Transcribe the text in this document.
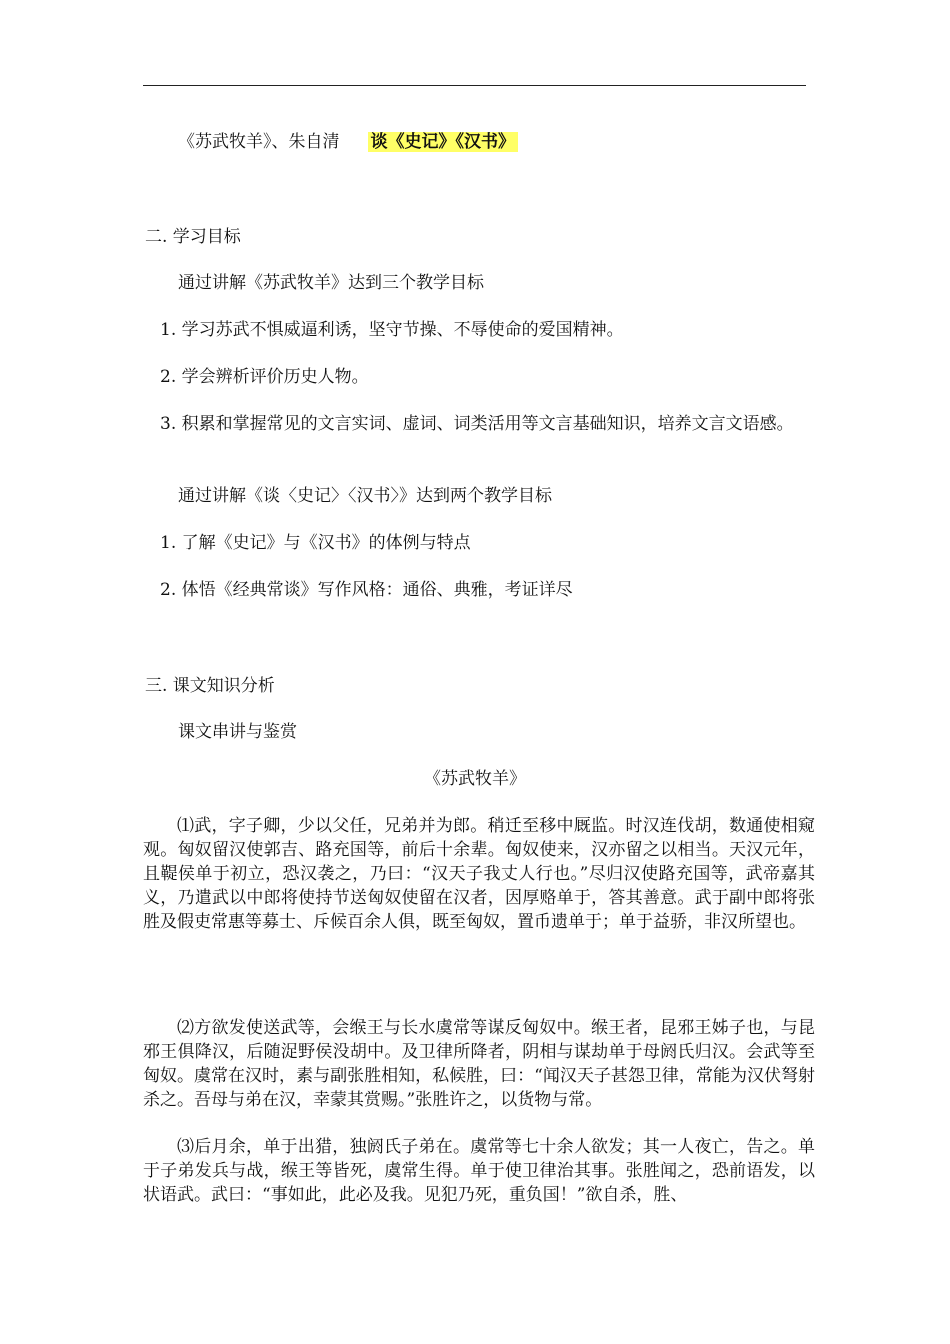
《苏武牧羊》、朱自清 谈《史记》《汉书》
二. 学习目标
通过讲解《苏武牧羊》达到三个教学目标
1. 学习苏武不惧威逼利诱，坚守节操、不辱使命的爱国精神。
2. 学会辨析评价历史人物。
3. 积累和掌握常见的文言实词、虚词、词类活用等文言基础知识，培养文言文语感。
通过讲解《谈〈史记〉〈汉书〉》达到两个教学目标
1. 了解《史记》与《汉书》的体例与特点
2. 体悟《经典常谈》写作风格：通俗、典雅，考证详尽
三. 课文知识分析
课文串讲与鉴赏
《苏武牧羊》
⑴武，字子卿，少以父任，兄弟并为郎。稍迁至移中厩监。时汉连伐胡，数通使相窥观。匈奴留汉使郭吉、路充国等，前后十余辈。匈奴使来，汉亦留之以相当。天汉元年，且鞮侯单于初立，恐汉袭之，乃曰：“汉天子我丈人行也。”尽归汉使路充国等，武帝嘉其义，乃遣武以中郎将使持节送匈奴使留在汉者，因厚赂单于，答其善意。武于副中郎将张胜及假吏常惠等募士、斥候百余人俱，既至匈奴，置币遗单于；单于益骄，非汉所望也。
⑵方欲发使送武等，会缑王与长水虞常等谋反匈奴中。缑王者，昆邪王姊子也，与昆邪王俱降汉，后随浞野侯没胡中。及卫律所降者，阴相与谋劫单于母阏氏归汉。会武等至匈奴。虞常在汉时，素与副张胜相知，私候胜，曰：“闻汉天子甚怨卫律，常能为汉伏弩射杀之。吾母与弟在汉，幸蒙其赏赐。”张胜许之，以货物与常。
⑶后月余，单于出猎，独阏氏子弟在。虞常等七十余人欲发；其一人夜亡，告之。单于子弟发兵与战，缑王等皆死，虞常生得。单于使卫律治其事。张胜闻之，恐前语发，以状语武。武曰：“事如此，此必及我。见犯乃死，重负国！”欲自杀，胜、
